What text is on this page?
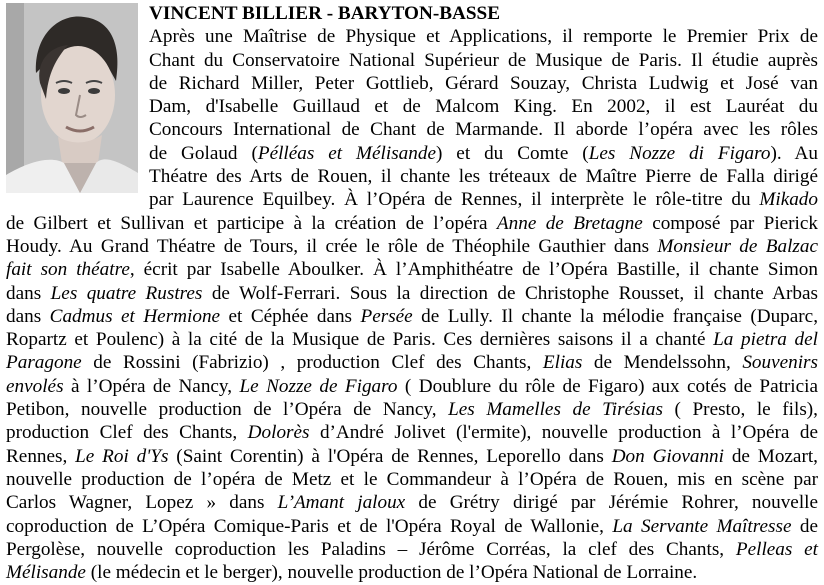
VINCENT BILLIER - BARYTON-BASSE
Après une Maîtrise de Physique et Applications, il remporte le Premier Prix de
Chant du Conservatoire National Supérieur de Musique de Paris. Il étudie auprès
de Richard Miller, Peter Gottlieb, Gérard Souzay, Christa Ludwig et José van
Dam, d'Isabelle Guillaud et de Malcom King. En 2002, il est Lauréat du
Concours International de Chant de Marmande. Il aborde l’opéra avec les rôles
de Golaud (Pélléas et Mélisande) et du Comte (Les Nozze di Figaro). Au
Théatre des Arts de Rouen, il chante les tréteaux de Maître Pierre de Falla dirigé
par Laurence Equilbey. À l’Opéra de Rennes, il interprète le rôle-titre du Mikado
de Gilbert et Sullivan et participe à la création de l’opéra Anne de Bretagne composé par Pierick
Houdy. Au Grand Théatre de Tours, il crée le rôle de Théophile Gauthier dans Monsieur de Balzac
fait son théatre, écrit par Isabelle Aboulker. À l’Amphithéatre de l’Opéra Bastille, il chante Simon
dans Les quatre Rustres de Wolf-Ferrari. Sous la direction de Christophe Rousset, il chante Arbas
dans Cadmus et Hermione et Céphée dans Persée de Lully. Il chante la mélodie française (Duparc,
Ropartz et Poulenc) à la cité de la Musique de Paris. Ces dernières saisons il a chanté La pietra del
Paragone de Rossini (Fabrizio) , production Clef des Chants, Elias de Mendelssohn, Souvenirs
envolés à l’Opéra de Nancy, Le Nozze de Figaro ( Doublure du rôle de Figaro) aux cotés de Patricia
Petibon, nouvelle production de l’Opéra de Nancy, Les Mamelles de Tirésias ( Presto, le fils),
production Clef des Chants, Dolorès d’André Jolivet (l'ermite), nouvelle production à l’Opéra de
Rennes, Le Roi d'Ys (Saint Corentin) à l'Opéra de Rennes, Leporello dans Don Giovanni de Mozart,
nouvelle production de l’opéra de Metz et le Commandeur à l’Opéra de Rouen, mis en scène par
Carlos Wagner, Lopez » dans L’Amant jaloux de Grétry dirigé par Jérémie Rohrer, nouvelle
coproduction de L’Opéra Comique-Paris et de l'Opéra Royal de Wallonie, La Servante Maîtresse de
Pergolèse, nouvelle coproduction les Paladins – Jérôme Corréas, la clef des Chants, Pelleas et
Mélisande (le médecin et le berger), nouvelle production de l’Opéra National de Lorraine.
